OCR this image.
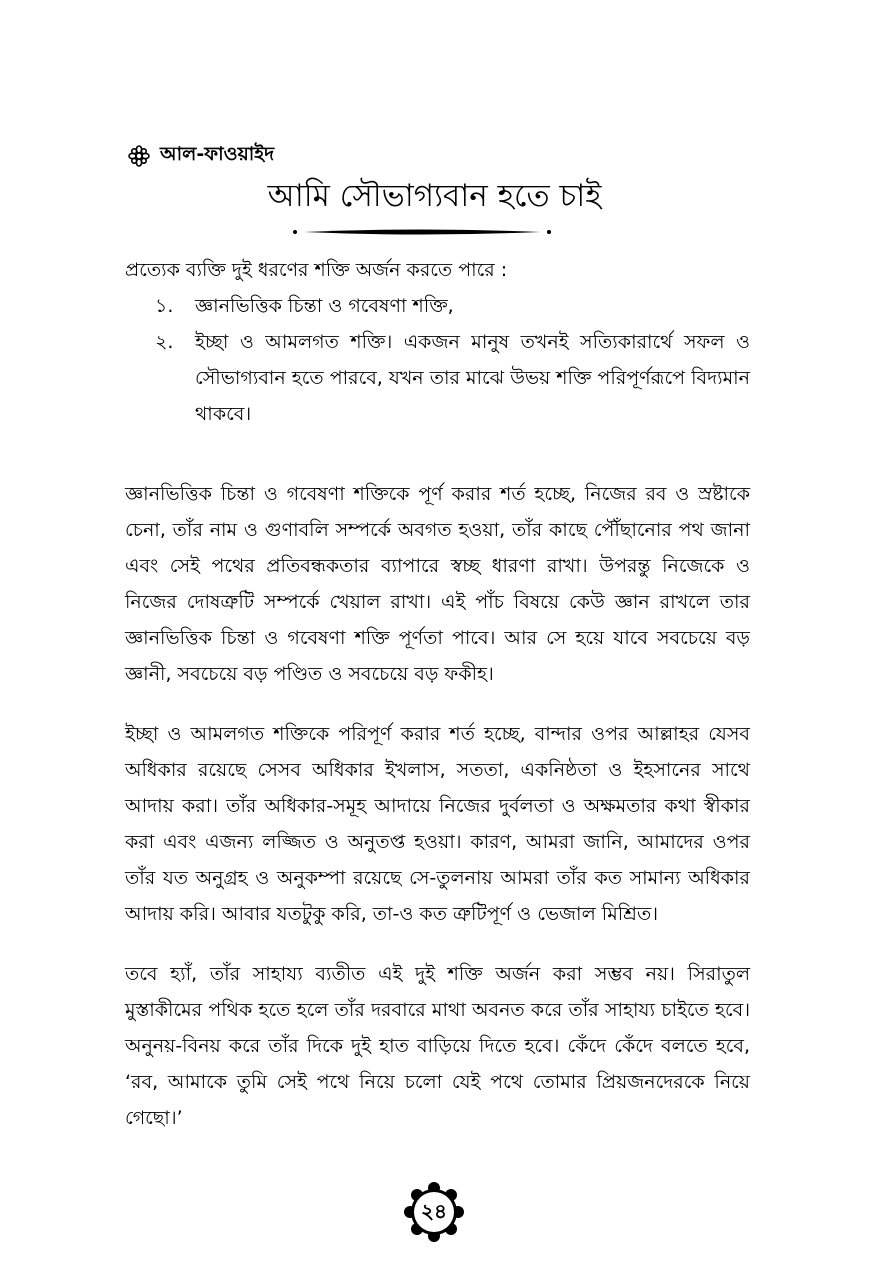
আল-ফাওয়াইদ
আমি সৌভাগ্যবান হতে চাই

প্রত্যেক ব্যক্তি দুই ধরণের শক্তি অর্জন করতে পারে :

১.	জ্ঞানভিত্তিক চিন্তা ও গবেষণা শক্তি,
২.	ইচ্ছা ও আমলগত শক্তি। একজন মানুষ তখনই সত্যিকারার্থে সফল ও সৌভাগ্যবান হতে পারবে, যখন তার মাঝে উভয় শক্তি পরিপূর্ণরূপে বিদ্যমান থাকবে।

জ্ঞানভিত্তিক চিন্তা ও গবেষণা শক্তিকে পূর্ণ করার শর্ত হচ্ছে, নিজের রব ও স্রষ্টাকে চেনা, তাঁর নাম ও গুণাবলি সম্পর্কে অবগত হওয়া, তাঁর কাছে পৌঁছানোর পথ জানা এবং সেই পথের প্রতিবন্ধকতার ব্যাপারে স্বচ্ছ ধারণা রাখা। উপরন্তু নিজেকে ও নিজের দোষত্রুটি সম্পর্কে খেয়াল রাখা। এই পাঁচ বিষয়ে কেউ জ্ঞান রাখলে তার জ্ঞানভিত্তিক চিন্তা ও গবেষণা শক্তি পূর্ণতা পাবে। আর সে হয়ে যাবে সবচেয়ে বড় জ্ঞানী, সবচেয়ে বড় পণ্ডিত ও সবচেয়ে বড় ফকীহ।

ইচ্ছা ও আমলগত শক্তিকে পরিপূর্ণ করার শর্ত হচ্ছে, বান্দার ওপর আল্লাহর যেসব অধিকার রয়েছে সেসব অধিকার ইখলাস, সততা, একনিষ্ঠতা ও ইহসানের সাথে আদায় করা। তাঁর অধিকার-সমূহ আদায়ে নিজের দুর্বলতা ও অক্ষমতার কথা স্বীকার করা এবং এজন্য লজ্জিত ও অনুতপ্ত হওয়া। কারণ, আমরা জানি, আমাদের ওপর তাঁর যত অনুগ্রহ ও অনুকম্পা রয়েছে সে-তুলনায় আমরা তাঁর কত সামান্য অধিকার আদায় করি। আবার যতটুকু করি, তা-ও কত ত্রুটিপূর্ণ ও ভেজাল মিশ্রিত।

তবে হ্যাঁ, তাঁর সাহায্য ব্যতীত এই দুই শক্তি অর্জন করা সম্ভব নয়। সিরাতুল মুস্তাকীমের পথিক হতে হলে তাঁর দরবারে মাথা অবনত করে তাঁর সাহায্য চাইতে হবে। অনুনয়-বিনয় করে তাঁর দিকে দুই হাত বাড়িয়ে দিতে হবে। কেঁদে কেঁদে বলতে হবে, ‘রব, আমাকে তুমি সেই পথে নিয়ে চলো যেই পথে তোমার প্রিয়জনদেরকে নিয়ে গেছো।’

২৪
